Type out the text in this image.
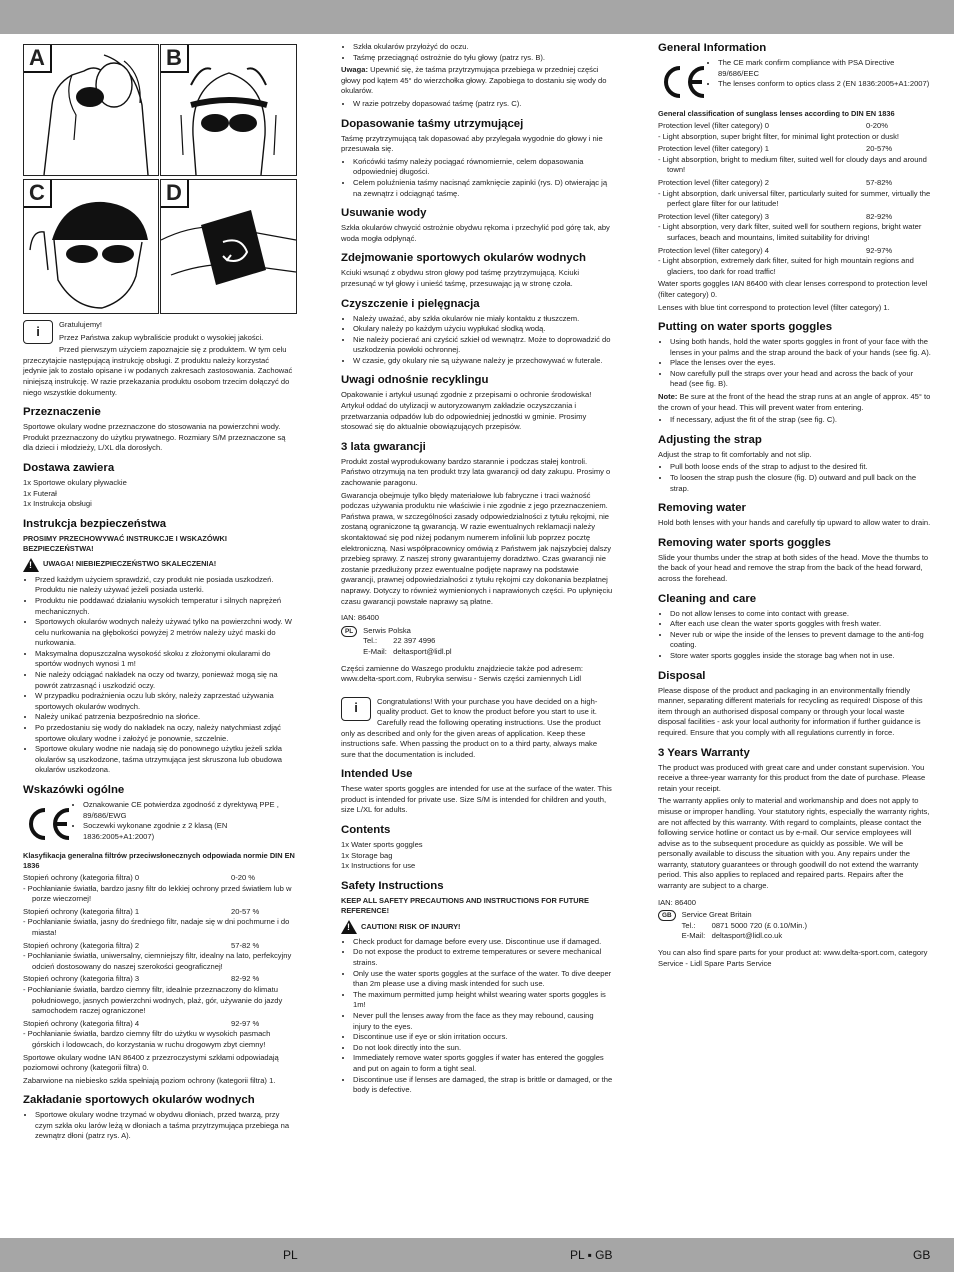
A	B
C	D
i	Gratulujemy!

Przez Państwa zakup wybraliście produkt o wysokiej jakości.

Przed pierwszym użyciem zapoznajcie się z produktem. W tym celu przeczytajcie następującą instrukcję obsługi. Z produktu należy korzystać jedynie jak to zostało opisane i w podanych zakresach zastosowania. Zachować niniejszą instrukcję. W razie przekazania produktu osobom trzecim dołączyć do niego wszystkie dokumenty.

Przeznaczenie

Sportowe okulary wodne przeznaczone do stosowania na powierzchni wody. Produkt przeznaczony do użytku prywatnego. Rozmiary S/M przeznaczone są dla dzieci i młodzieży, L/XL dla dorosłych.

Dostawa zawiera

1x Sportowe okulary pływackie

1x Futerał

1x Instrukcja obsługi

Instrukcja bezpieczeństwa
PROSIMY PRZECHOWYWAĆ INSTRUKCJE I WSKAZÓWKI BEZPIECZEŃSTWA!
!
UWAGA! NIEBIEZPIECZEŃSTWO SKALECZENIA!
• Przed każdym użyciem sprawdzić, czy produkt nie posiada uszkodzeń. Produktu nie należy używać jeżeli posiada usterki.
• Produktu nie poddawać działaniu wysokich temperatur i silnych naprężeń mechanicznych.
• Sportowych okularów wodnych należy używać tylko na powierzchni wody. W celu nurkowania na głębokości powyżej 2 metrów należy użyć maski do nurkowania.
• Maksymalna dopuszczalna wysokość skoku z złożonymi okularami do sportów wodnych wynosi 1 m!
• Nie należy odciągać nakładek na oczy od twarzy, ponieważ mogą się na powrót zatrzasnąć i uszkodzić oczy.
• W przypadku podrażnienia oczu lub skóry, należy zaprzestać używania sportowych okularów wodnych.
• Należy unikać patrzenia bezpośrednio na słońce.
• Po przedostaniu się wody do nakładek na oczy, należy natychmiast zdjąć sportowe okulary wodne i założyć je ponownie, szczelnie.
• Sportowe okulary wodne nie nadają się do ponownego użytku jeżeli szkła okularów są uszkodzone, taśma utrzymująca jest skruszona lub obudowa okularów uszkodzona.
Wskazówki ogólne
• Oznakowanie CE potwierdza zgodność z dyrektywą PPE , 89/686/EWG
• Soczewki wykonane zgodnie z 2 klasą (EN 1836:2005+A1:2007)
Klasyfikacja generalna filtrów przeciwsłonecznych odpowiada normie DIN EN 1836
Stopień ochrony (kategoria filtra) 0	0-20 %
- Pochłanianie światła, bardzo jasny filtr do lekkiej ochrony przed światłem lub w porze wieczornej!
Stopień ochrony (kategoria filtra) 1	20-57 %
- Pochłanianie światła, jasny do średniego filtr, nadaje się w dni pochmurne i do miasta!
Stopień ochrony (kategoria filtra) 2	57-82 %
- Pochłanianie światła, uniwersalny, ciemniejszy filtr, idealny na lato, perfekcyjny odcień dostosowany do naszej szerokości geograficznej!
Stopień ochrony (kategoria filtra) 3	82-92 %
- Pochłanianie światła, bardzo ciemny filtr, idealnie przeznaczony do klimatu południowego, jasnych powierzchni wodnych, plaż, gór, używanie do jazdy samochodem raczej ograniczone!
Stopień ochrony (kategoria filtra) 4	92-97 %
- Pochłanianie światła, bardzo ciemny filtr do użytku w wysokich pasmach górskich i lodowcach, do korzystania w ruchu drogowym zbyt ciemny!

Sportowe okulary wodne IAN 86400 z przezroczystymi szkłami odpowiadają poziomowi ochrony (kategorii filtra) 0.

Zabarwione na niebiesko szkła spełniają poziom ochrony (kategorii filtra) 1.

Zakładanie sportowych okularów wodnych
• Sportowe okulary wodne trzymać w obydwu dłoniach, przed twarzą, przy czym szkła oku larów leżą w dłoniach a taśma przytrzymująca przebiega na zewnątrz dłoni (patrz rys. A).
• Szkła okularów przyłożyć do oczu.
• Taśmę przeciągnąć ostrożnie do tyłu głowy (patrz rys. B).

Uwaga: Upewnić się, że taśma przytrzymująca przebiega w przedniej części głowy pod kątem 45° do wierzchołka głowy. Zapobiega to dostaniu się wody do okularów.

• W razie potrzeby dopasować taśmę (patrz rys. C).
Dopasowanie taśmy utrzymującej

Taśmę przytrzymującą tak dopasować aby przylegała wygodnie do głowy i nie przesuwała się.

• Końcówki taśmy należy pociągać równomiernie, celem dopasowania odpowiedniej długości.
• Celem poluźnienia taśmy nacisnąć zamknięcie zapinki (rys. D) otwierając ją na zewnątrz i odciągnąć taśmę.
Usuwanie wody

Szkła okularów chwycić ostrożnie obydwu rękoma i przechylić pod górę tak, aby woda mogła odpłynąć.

Zdejmowanie sportowych okularów wodnych

Kciuki wsunąć z obydwu stron głowy pod taśmę przytrzymującą. Kciuki przesunąć w tył głowy i unieść taśmę, przesuwając ją w stronę czoła.

Czyszczenie i pielęgnacja
• Należy uważać, aby szkła okularów nie miały kontaktu z tłuszczem.
• Okulary należy po każdym użyciu wypłukać słodką wodą.
• Nie należy pocierać ani czyścić szkieł od wewnątrz. Może to doprowadzić do uszkodzenia powłoki ochronnej.
• W czasie, gdy okulary nie są używane należy je przechowywać w futerale.
Uwagi odnośnie recyklingu

Opakowanie i artykuł usunąć zgodnie z przepisami o ochronie środowiska! Artykuł oddać do utylizacji w autoryzowanym zakładzie oczyszczania i przetwarzania odpadów lub do odpowiedniej jednostki w gminie. Prosimy stosować się do aktualnie obowiązujących przepisów.

3 lata gwarancji

Produkt został wyprodukowany bardzo starannie i podczas stałej kontroli. Państwo otrzymują na ten produkt trzy lata gwarancji od daty zakupu. Prosimy o zachowanie paragonu.

Gwarancja obejmuje tylko błędy materiałowe lub fabryczne i traci ważność podczas używania produktu nie właściwie i nie zgodnie z jego przeznaczeniem. Państwa prawa, w szczególności zasady odpowiedzialności z tytułu rękojmi, nie zostaną ograniczone tą gwarancją. W razie ewentualnych reklamacji należy skontaktować się pod niżej podanym numerem infolinii lub poprzez pocztę elektroniczną. Nasi współpracownicy omówią z Państwem jak najszybciej dalszy przebieg sprawy. Z naszej strony gwarantujemy doradztwo. Czas gwarancji nie zostanie przedłużony przez ewentualne podjęte naprawy na podstawie gwarancji, prawnej odpowiedzialności z tytułu rękojmi czy dokonania bezpłatnej naprawy. Dotyczy to również wymienionych i naprawionych części. Po upłynięciu czasu gwarancji powstałe naprawy są płatne.

IAN: 86400

PL	Serwis Polska
Tel.:	22 397 4996
E-Mail: deltasport@lidl.pl

Części zamienne do Waszego produktu znajdziecie także pod adresem: www.delta-sport.com, Rubryka serwisu - Serwis części zamiennych Lidl

i	Congratulations! With your purchase you have decided on a high-quality product. Get to know the product before you start to use it. Carefully read the following operating instructions. Use the product only as described and only for the given areas of application. Keep these instructions safe. When passing the product on to a third party, always make sure that the documentation is included.

Intended Use

These water sports goggles are intended for use at the surface of the water. This product is intended for private use. Size S/M is intended for children and youth, size L/XL for adults.

Contents

1x Water sports goggles

1x Storage bag

1x Instructions for use

Safety Instructions
KEEP ALL SAFETY PRECAUTIONS AND INSTRUCTIONS FOR FUTURE REFERENCE!
!
CAUTION! RISK OF INJURY!
• Check product for damage before every use. Discontinue use if damaged.
• Do not expose the product to extreme temperatures or severe mechanical strains.
• Only use the water sports goggles at the surface of the water. To dive deeper than 2m please use a diving mask intended for such use.
• The maximum permitted jump height whilst wearing water sports goggles is 1m!
• Never pull the lenses away from the face as they may rebound, causing injury to the eyes.
• Discontinue use if eye or skin irritation occurs.
• Do not look directly into the sun.
• Immediately remove water sports goggles if water has entered the goggles and put on again to form a tight seal.
• Discontinue use if lenses are damaged, the strap is brittle or damaged, or the body is defective.
General Information
• The CE mark confirm compliance with PSA Directive 89/686/EEC
• The lenses conform to optics class 2 (EN 1836:2005+A1:2007)
General classification of sunglass lenses according to DIN EN 1836
Protection level (filter category) 0	0-20%
- Light absorption, super bright filter, for minimal light protection or dusk!
Protection level (filter category) 1	20-57%
- Light absorption, bright to medium filter, suited well for cloudy days and around town!
Protection level (filter category) 2	57-82%
- Light absorption, dark universal filter, particularly suited for summer, virtually the perfect glare filter for our latitude!
Protection level (filter category) 3	82-92%
- Light absorption, very dark filter, suited well for southern regions, bright water surfaces, beach and mountains, limited suitability for driving!
Protection level (filter category) 4	92-97%
- Light absorption, extremely dark filter, suited for high mountain regions and glaciers, too dark for road traffic!

Water sports goggles IAN 86400 with clear lenses correspond to protection level (filter category) 0.

Lenses with blue tint correspond to protection level (filter category) 1.

Putting on water sports goggles
• Using both hands, hold the water sports goggles in front of your face with the lenses in your palms and the strap around the back of your hands (see fig. A).
• Place the lenses over the eyes.
• Now carefully pull the straps over your head and across the back of your head (see fig. B).

Note: Be sure at the front of the head the strap runs at an angle of approx. 45° to the crown of your head. This will prevent water from entering.

• If necessary, adjust the fit of the strap (see fig. C).
Adjusting the strap

Adjust the strap to fit comfortably and not slip.

• Pull both loose ends of the strap to adjust to the desired fit.
• To loosen the strap push the closure (fig. D) outward and pull back on the strap.
Removing water

Hold both lenses with your hands and carefully tip upward to allow water to drain.

Removing water sports goggles

Slide your thumbs under the strap at both sides of the head. Move the thumbs to the back of your head and remove the strap from the back of the head forward, across the forehead.

Cleaning and care
• Do not allow lenses to come into contact with grease.
• After each use clean the water sports goggles with fresh water.
• Never rub or wipe the inside of the lenses to prevent damage to the anti-fog coating.
• Store water sports goggles inside the storage bag when not in use.
Disposal

Please dispose of the product and packaging in an environmentally friendly manner, separating different materials for recycling as required! Dispose of this item through an authorised disposal company or through your local waste disposal facilities - ask your local authority for information if further guidance is required. Ensure that you comply with all regulations currently in force.

3 Years Warranty

The product was produced with great care and under constant supervision. You receive a three-year warranty for this product from the date of purchase. Please retain your receipt.

The warranty applies only to material and workmanship and does not apply to misuse or improper handling. Your statutory rights, especially the warranty rights, are not affected by this warranty. With regard to complaints, please contact the following service hotline or contact us by e-mail. Our service employees will advise as to the subsequent procedure as quickly as possible. We will be personally available to discuss the situation with you. Any repairs under the warranty, statutory guarantees or through goodwill do not extend the warranty period. This also applies to replaced and repaired parts. Repairs after the warranty are subject to a charge.

IAN: 86400

GB	Service Great Britain
Tel.:	0871 5000 720 (£ 0.10/Min.)
E-Mail: deltasport@lidl.co.uk

You can also find spare parts for your product at: www.delta-sport.com, category Service - Lidl Spare Parts Service

PL	PL ▪ GB	GB
